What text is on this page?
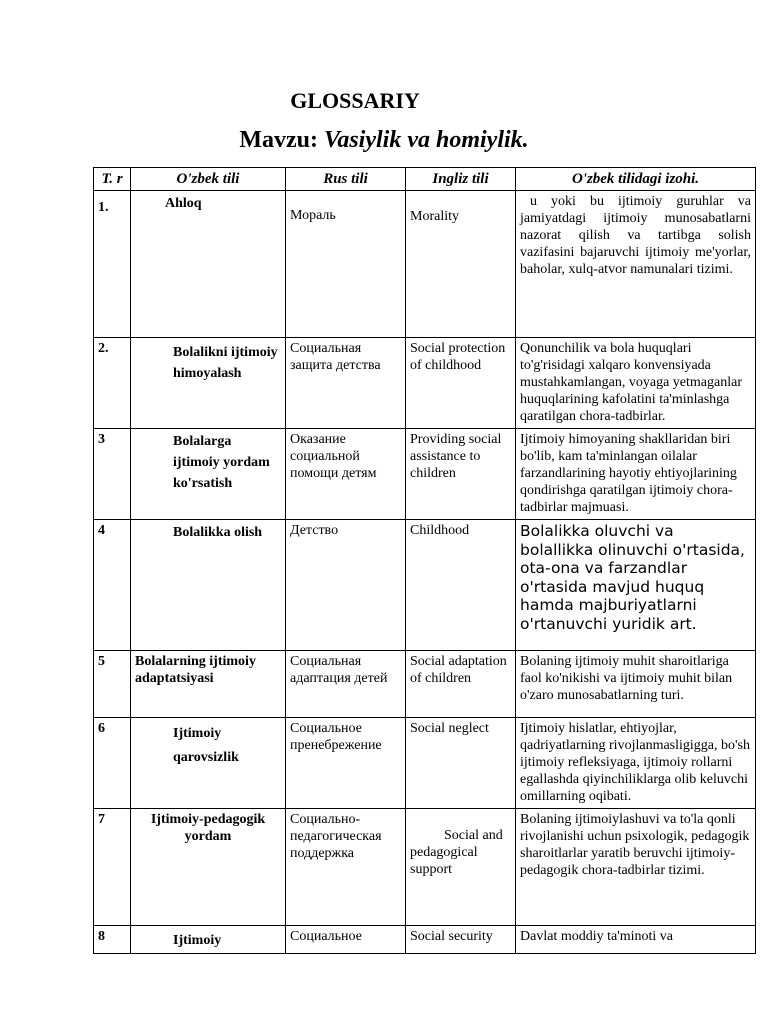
GLOSSARIY
Mavzu: Vasiylik va homiylik.
T. r	O'zbek tili	Rus tili	Ingliz tili	O'zbek tilidagi izohi.
1.	Ahloq	Мораль	Morality	u yoki bu ijtimoiy guruhlar va jamiyatdagi ijtimoiy munosabatlarni nazorat qilish va tartibga solish vazifasini bajaruvchi ijtimoiy me'yorlar, baholar, xulq-atvor namunalari tizimi.
2.	Bolalikni ijtimoiy himoyalash	Социальная защита детства	Social protection of childhood	Qonunchilik va bola huquqlari to'g'risidagi xalqaro konvensiyada mustahkamlangan, voyaga yetmaganlar huquqlarining kafolatini ta'minlashga qaratilgan chora-tadbirlar.
3	Bolalarga ijtimoiy yordam ko'rsatish	Оказание социальной помощи детям	Providing social assistance to children	Ijtimoiy himoyaning shakllaridan biri bo'lib, kam ta'minlangan oilalar farzandlarining hayotiy ehtiyojlarining qondirishga qaratilgan ijtimoiy chora-tadbirlar majmuasi.
4	Bolalikka olish	Детство	Childhood	Bolalikka oluvchi va bolallikka olinuvchi o'rtasida, ota-ona va farzandlar o'rtasida mavjud huquq hamda majburiyatlarni o'rtanuvchi yuridik art.
5	Bolalarning ijtimoiy adaptatsiyasi	Социальная адаптация детей	Social adaptation of children	Bolaning ijtimoiy muhit sharoitlariga faol ko'nikishi va ijtimoiy muhit bilan o'zaro munosabatlarning turi.
6	Ijtimoiy qarovsizlik	Социальное пренебрежение	Social neglect	Ijtimoiy hislatlar, ehtiyojlar, qadriyatlarning rivojlanmasligigga, bo'sh ijtimoiy refleksiyaga, ijtimoiy rollarni egallashda qiyinchiliklarga olib keluvchi omillarning oqibati.
7	Ijtimoiy-pedagogik yordam	Социально-педагогическая поддержка	Social and pedagogical support	Bolaning ijtimoiylashuvi va to'la qonli rivojlanishi uchun psixologik, pedagogik sharoitlarlar yaratib beruvchi ijtimoiy-pedagogik chora-tadbirlar tizimi.
8	Ijtimoiy	Социальное	Social security	Davlat moddiy ta'minoti va
